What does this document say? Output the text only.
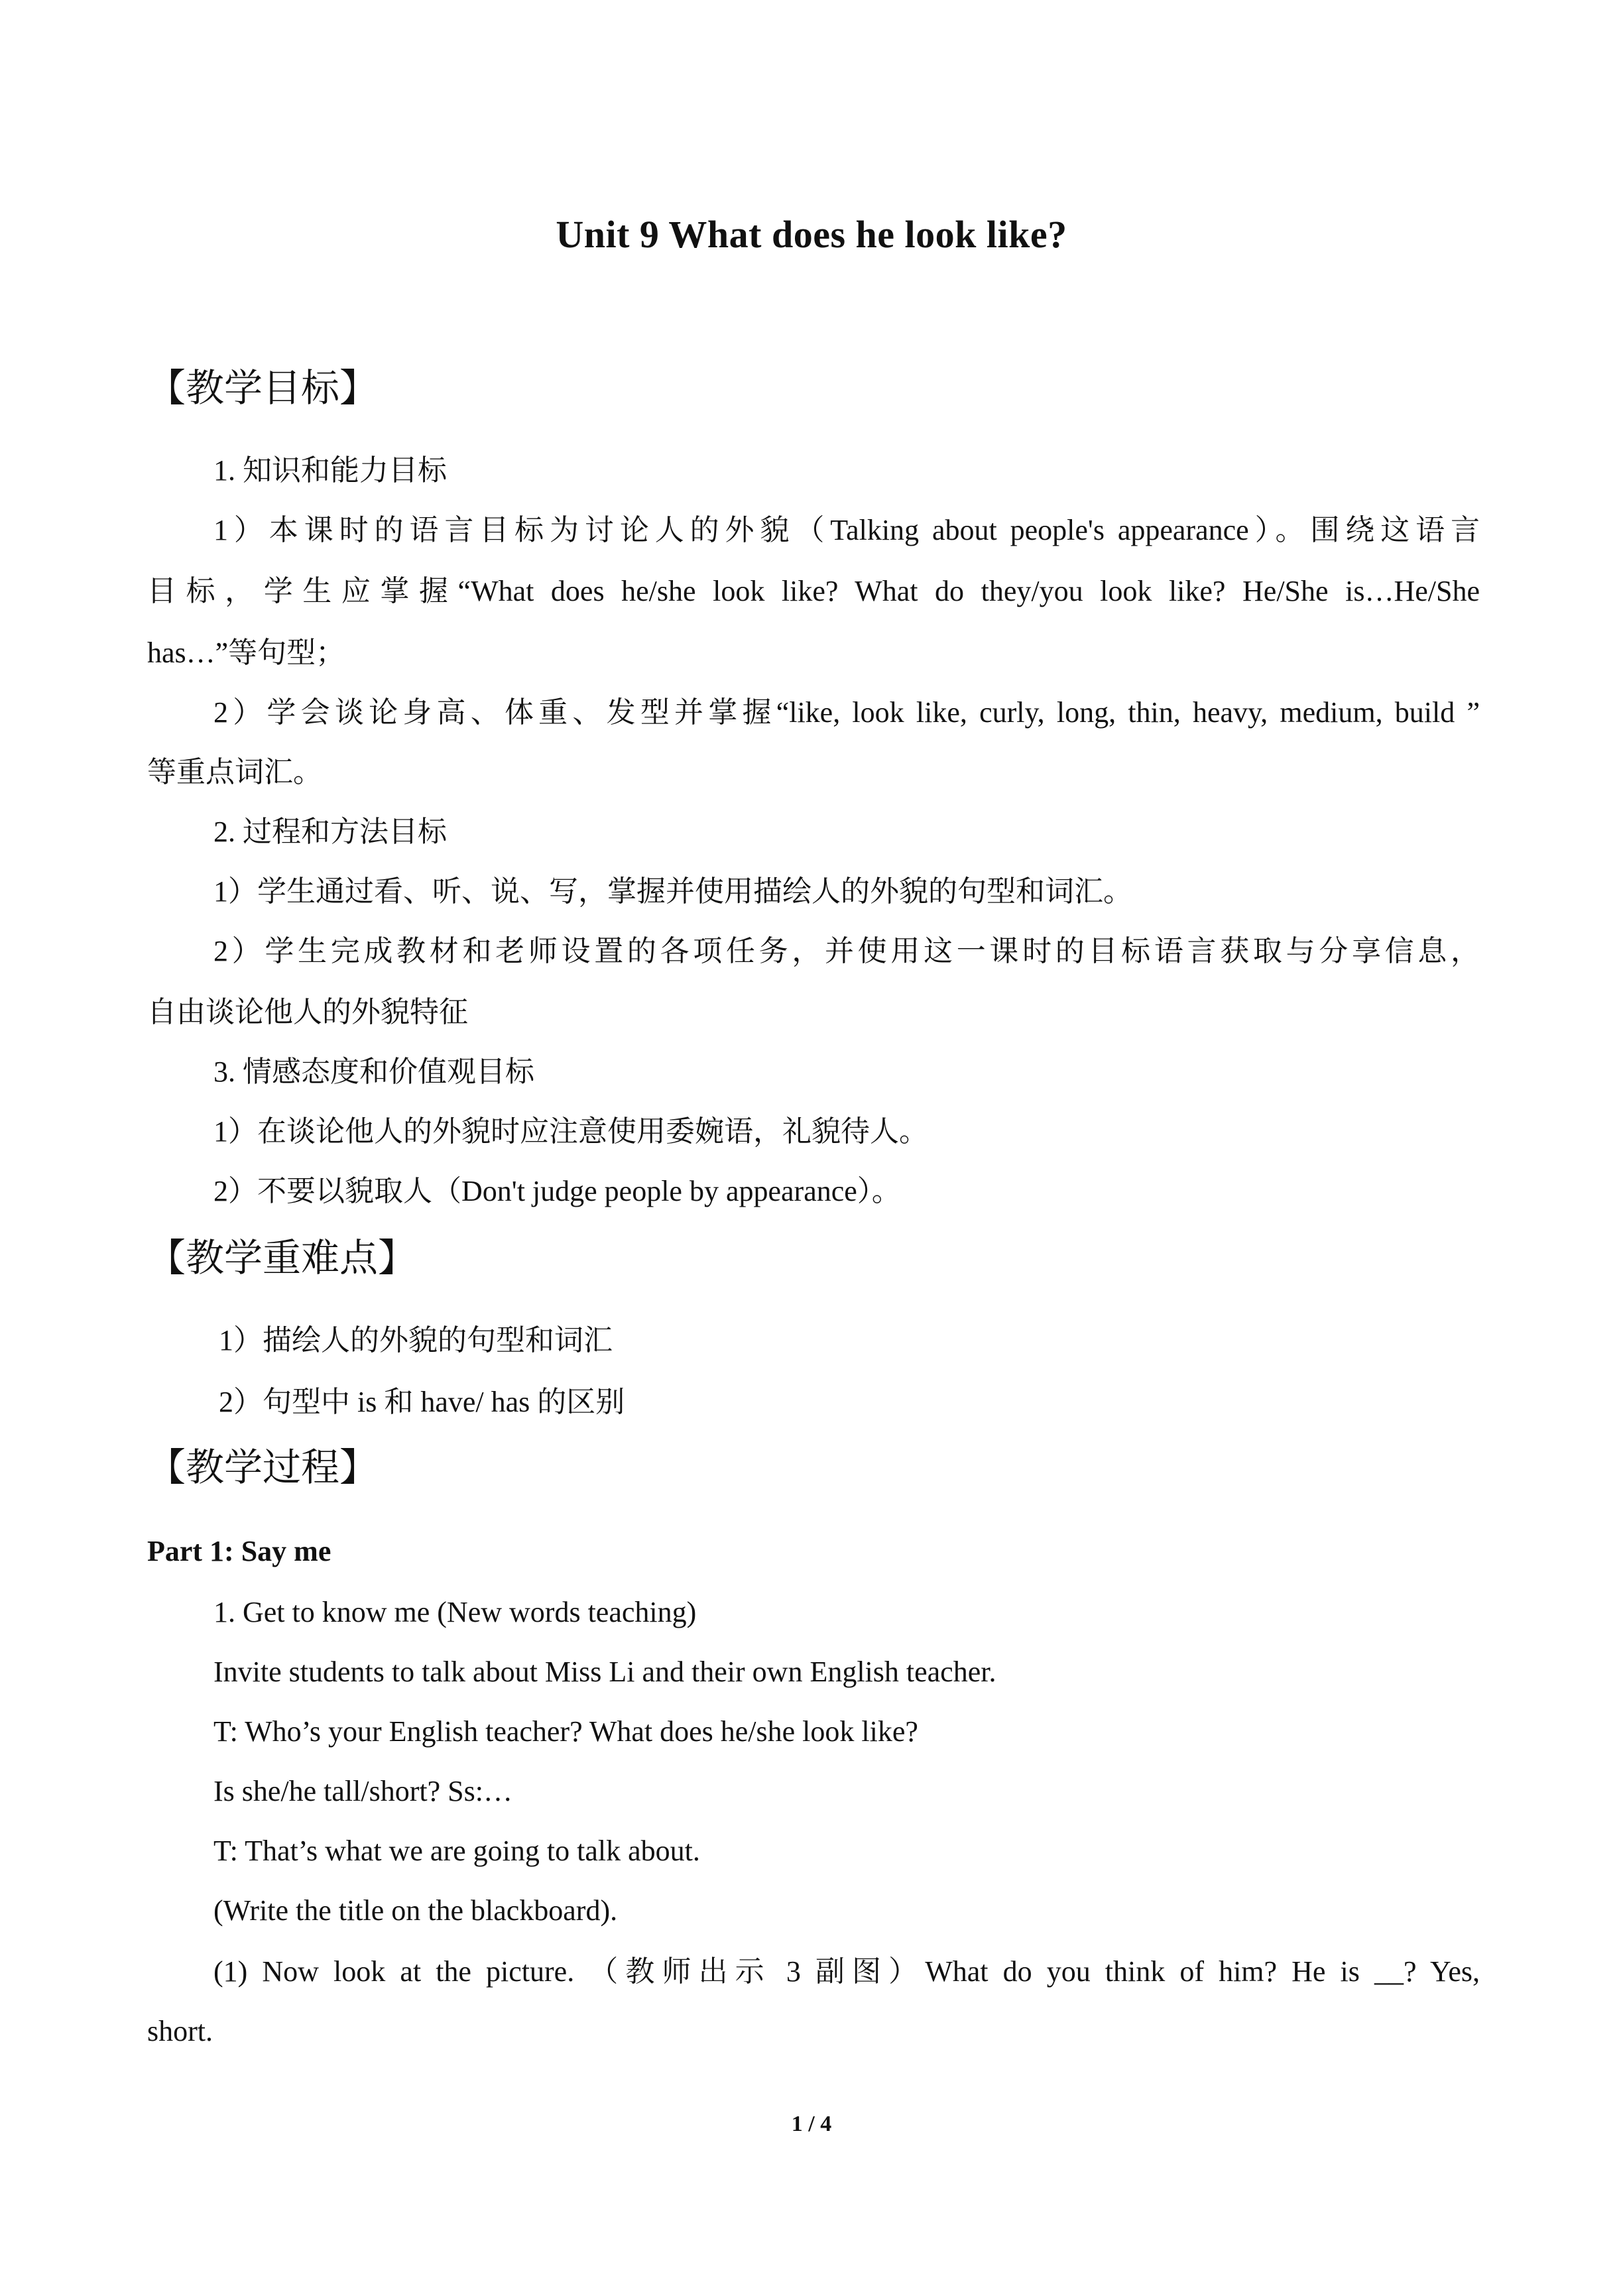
Unit 9 What does he look like?
【教学目标】
1. 知识和能力目标
1）本课时的语言目标为讨论人的外貌（Talking about people's appearance）。围绕这语言
目标，学生应掌握“What does he/she look like? What do they/you look like? He/She is…He/She
has…”等句型；
2）学会谈论身高、体重、发型并掌握“like, look like, curly, long, thin, heavy, medium, build ”
等重点词汇。
2. 过程和方法目标
1）学生通过看、听、说、写，掌握并使用描绘人的外貌的句型和词汇。
2）学生完成教材和老师设置的各项任务，并使用这一课时的目标语言获取与分享信息，
自由谈论他人的外貌特征
3. 情感态度和价值观目标
1）在谈论他人的外貌时应注意使用委婉语，礼貌待人。
2）不要以貌取人（Don't judge people by appearance）。
【教学重难点】
1）描绘人的外貌的句型和词汇
2）句型中 is 和 have/ has 的区别
【教学过程】
Part 1: Say me
1. Get to know me (New words teaching)
Invite students to talk about Miss Li and their own English teacher.
T: Who’s your English teacher? What does he/she look like?
Is she/he tall/short? Ss:…
T: That’s what we are going to talk about.
(Write the title on the blackboard).
(1) Now look at the picture. （教师出示 3 副图）What do you think of him? He is __? Yes,
short.
1 / 4
